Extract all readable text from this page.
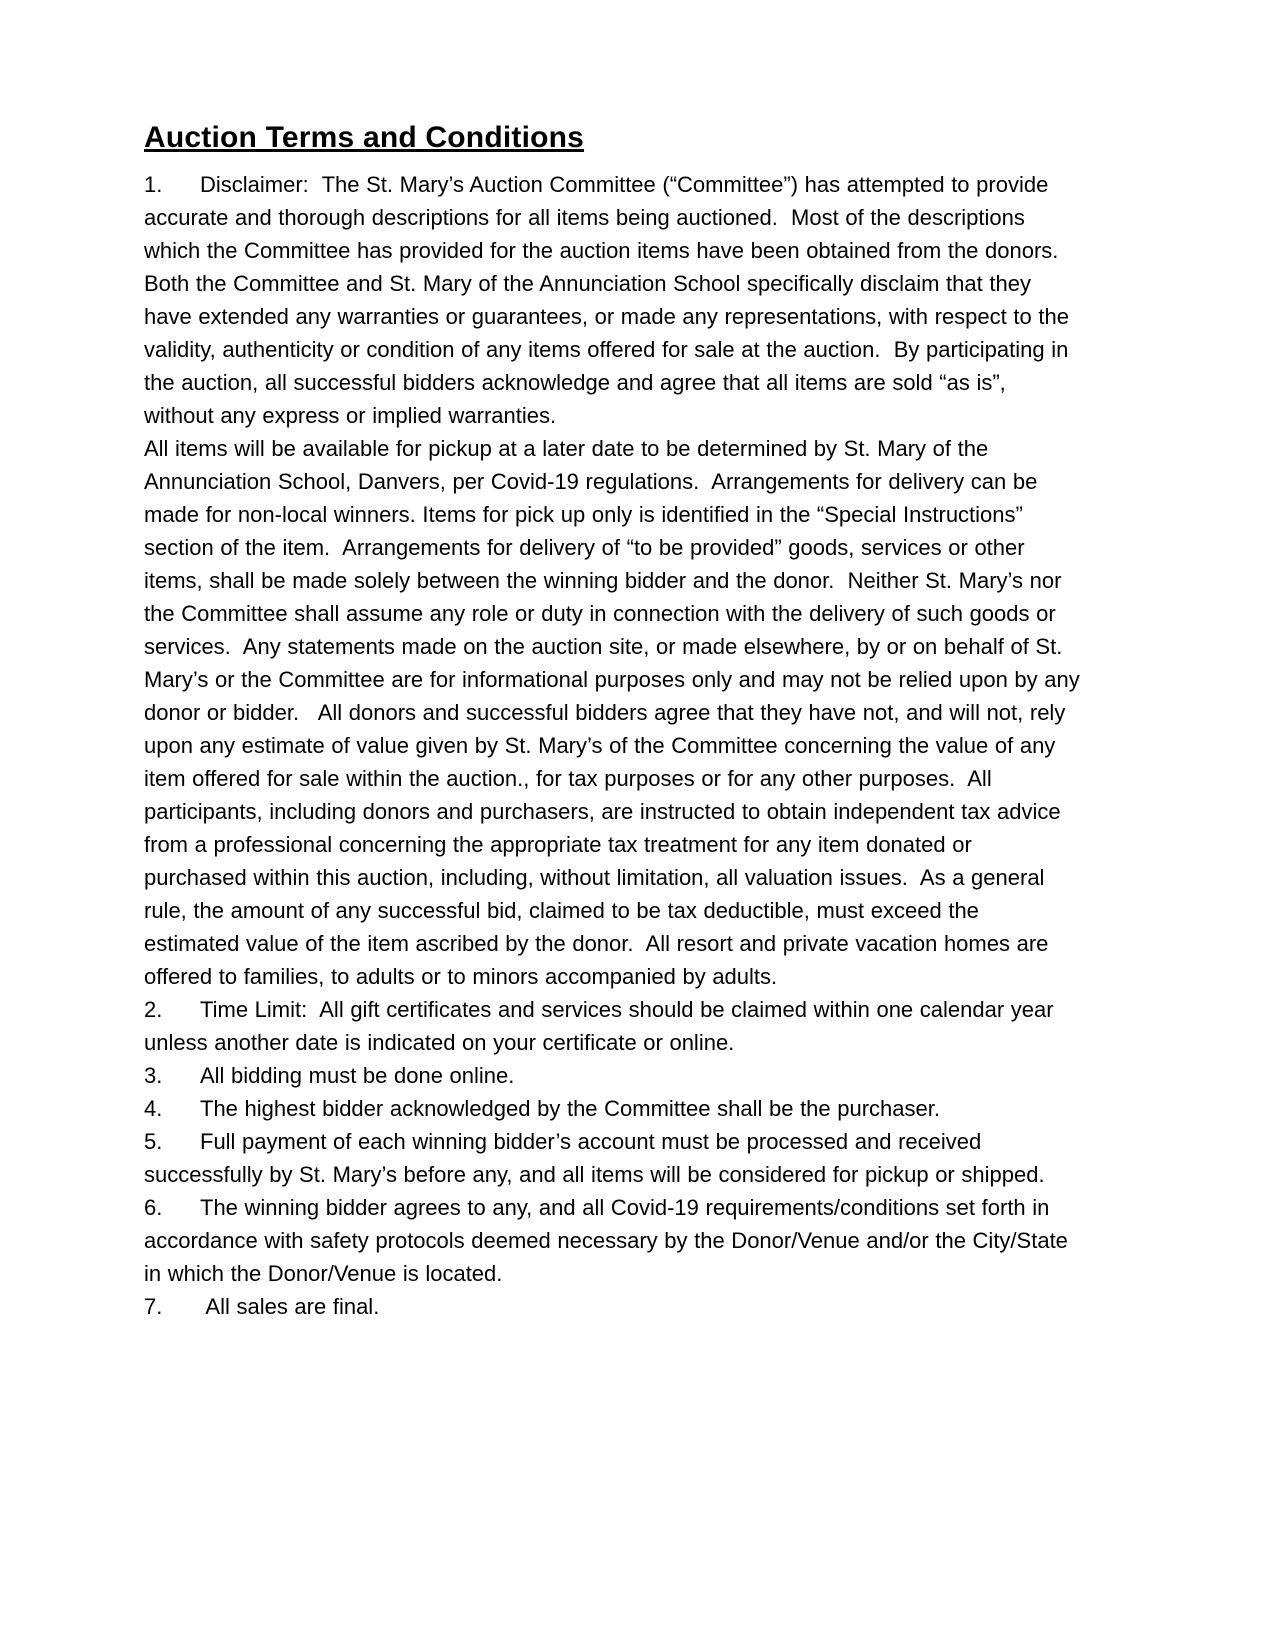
Auction Terms and Conditions

1. Disclaimer:  The St. Mary’s Auction Committee (“Committee”) has attempted to provide accurate and thorough descriptions for all items being auctioned.  Most of the descriptions which the Committee has provided for the auction items have been obtained from the donors.  Both the Committee and St. Mary of the Annunciation School specifically disclaim that they have extended any warranties or guarantees, or made any representations, with respect to the validity, authenticity or condition of any items offered for sale at the auction.  By participating in the auction, all successful bidders acknowledge and agree that all items are sold “as is”, without any express or implied warranties.

All items will be available for pickup at a later date to be determined by St. Mary of the Annunciation School, Danvers, per Covid-19 regulations.  Arrangements for delivery can be made for non-local winners. Items for pick up only is identified in the “Special Instructions” section of the item.  Arrangements for delivery of “to be provided” goods, services or other items, shall be made solely between the winning bidder and the donor.  Neither St. Mary’s nor the Committee shall assume any role or duty in connection with the delivery of such goods or services.  Any statements made on the auction site, or made elsewhere, by or on behalf of St. Mary’s or the Committee are for informational purposes only and may not be relied upon by any donor or bidder.   All donors and successful bidders agree that they have not, and will not, rely upon any estimate of value given by St. Mary’s of the Committee concerning the value of any item offered for sale within the auction., for tax purposes or for any other purposes.  All participants, including donors and purchasers, are instructed to obtain independent tax advice from a professional concerning the appropriate tax treatment for any item donated or purchased within this auction, including, without limitation, all valuation issues.  As a general rule, the amount of any successful bid, claimed to be tax deductible, must exceed the estimated value of the item ascribed by the donor.  All resort and private vacation homes are offered to families, to adults or to minors accompanied by adults.

2. Time Limit:  All gift certificates and services should be claimed within one calendar year unless another date is indicated on your certificate or online.

3. All bidding must be done online.

4. The highest bidder acknowledged by the Committee shall be the purchaser.

5. Full payment of each winning bidder’s account must be processed and received successfully by St. Mary’s before any, and all items will be considered for pickup or shipped.

6. The winning bidder agrees to any, and all Covid-19 requirements/conditions set forth in accordance with safety protocols deemed necessary by the Donor/Venue and/or the City/State in which the Donor/Venue is located.

7. All sales are final.
